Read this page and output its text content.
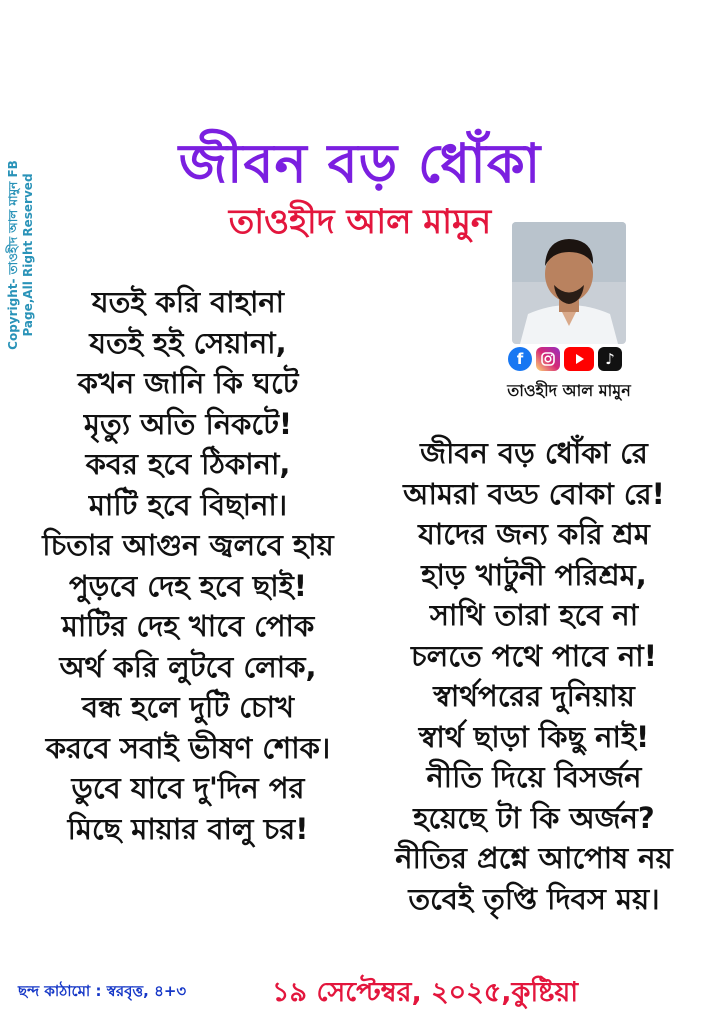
জীবন বড় ধোঁকা
তাওহীদ আল মামুন
Copyright- তাওহীদ আল মামুন FB Page,All Right Reserved	যতই করি বাহানা
যতই হই সেয়ানা,
কখন জানি কি ঘটে
মৃত্যু অতি নিকটে!
কবর হবে ঠিকানা,
মাটি হবে বিছানা।
চিতার আগুন জ্বলবে হায়
পুড়বে দেহ হবে ছাই!
মাটির দেহ খাবে পোক
অর্থ করি লুটবে লোক,
বন্ধ হলে দুটি চোখ
করবে সবাই ভীষণ শোক।
ডুবে যাবে দু'দিন পর
মিছে মায়ার বালু চর!
জীবন বড় ধোঁকা রে
আমরা বড্ড বোকা রে!
যাদের জন্য করি শ্রম
হাড় খাটুনী পরিশ্রম,
সাথি তারা হবে না
চলতে পথে পাবে না!
স্বার্থপরের দুনিয়ায়
স্বার্থ ছাড়া কিছু নাই!
নীতি দিয়ে বিসর্জন
হয়েছে টা কি অর্জন?
নীতির প্রশ্নে আপোষ নয়
তবেই তৃপ্তি দিবস ময়।
f	♪
তাওহীদ আল মামুন
ছন্দ কাঠামো : স্বরবৃত্ত, ৪+৩	১৯ সেপ্টেম্বর, ২০২৫,কুষ্টিয়া
